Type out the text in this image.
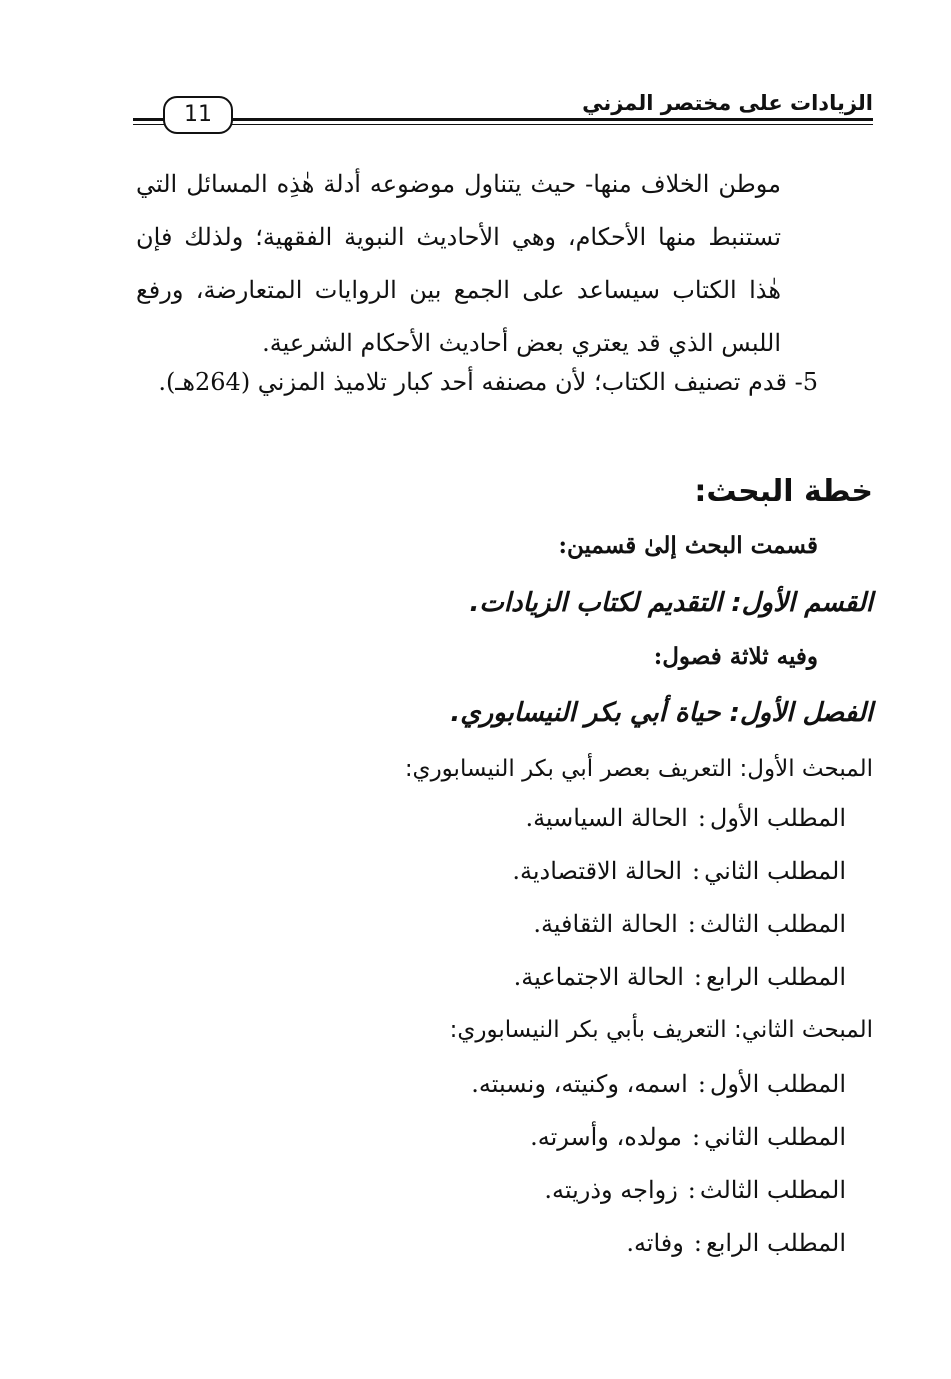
الزيادات على مختصر المزني
11
موطن الخلاف منها- حيث يتناول موضوعه أدلة هٰذِه المسائل التي تستنبط منها الأحكام، وهي الأحاديث النبوية الفقهية؛ ولذلك فإن هٰذا الكتاب سيساعد على الجمع بين الروايات المتعارضة، ورفع اللبس الذي قد يعتري بعض أحاديث الأحكام الشرعية.
5- قدم تصنيف الكتاب؛ لأن مصنفه أحد كبار تلاميذ المزني (264هـ).
خطة البحث:
قسمت البحث إلىٰ قسمين:
القسم الأول: التقديم لكتاب الزيادات.
وفيه ثلاثة فصول:
الفصل الأول: حياة أبي بكر النيسابوري.
المبحث الأول: التعريف بعصر أبي بكر النيسابوري:
المطلب الأول:الحالة السياسية.
المطلب الثاني:الحالة الاقتصادية.
المطلب الثالث:الحالة الثقافية.
المطلب الرابع:الحالة الاجتماعية.
المبحث الثاني: التعريف بأبي بكر النيسابوري:
المطلب الأول:اسمه، وكنيته، ونسبته.
المطلب الثاني:مولده، وأسرته.
المطلب الثالث:زواجه وذريته.
المطلب الرابع:وفاته.
